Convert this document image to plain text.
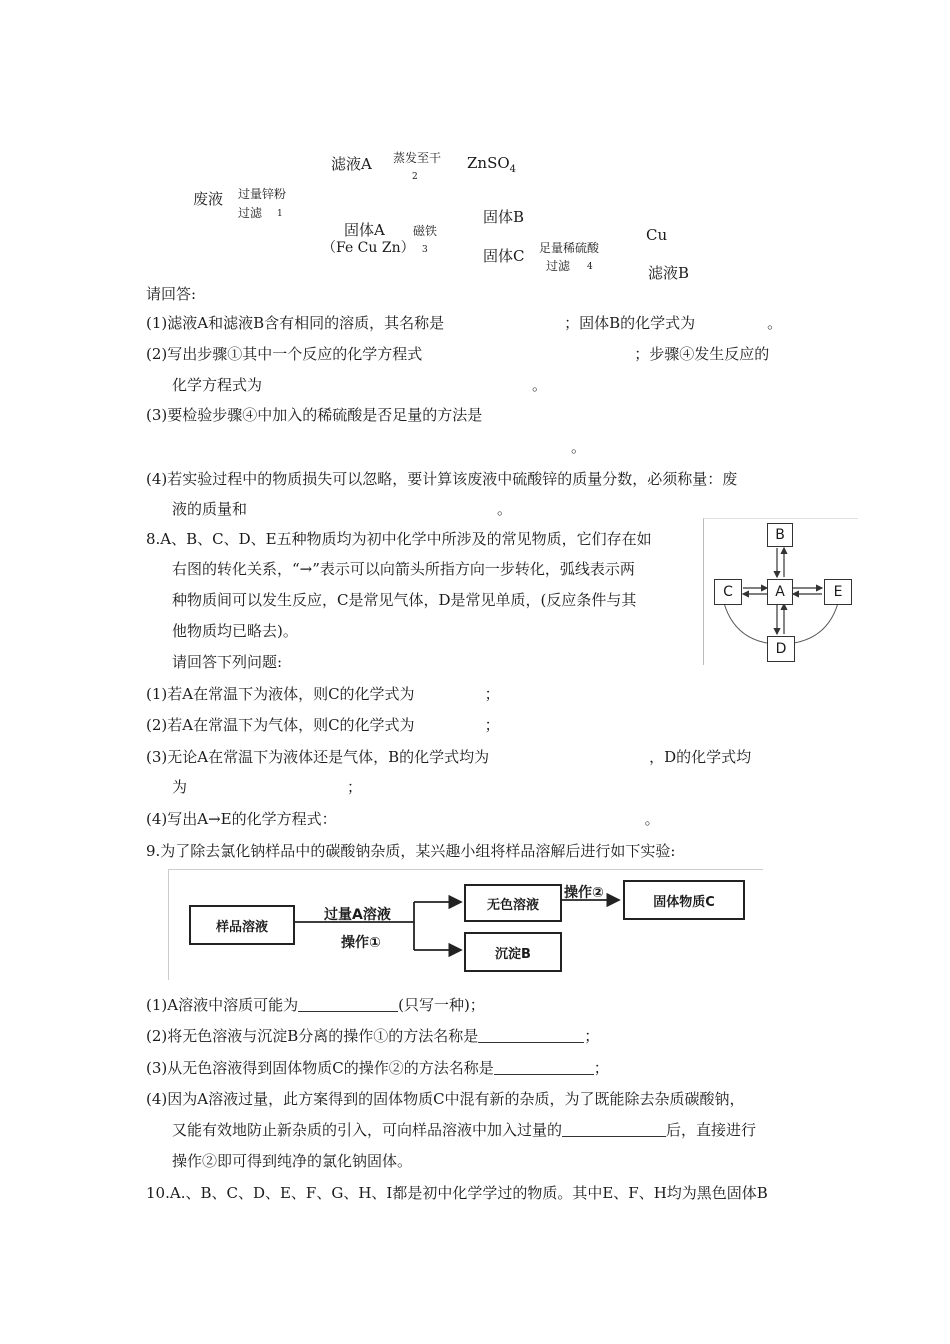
废液 过量锌粉
过滤 1
滤液A 蒸发至干
2
ZnSO$_4$
固体A
（Fe Cu Zn）
磁铁
3
固体B
固体C 足量稀硫酸
过滤 4
Cu
滤液B
请回答:
(1)滤液A和滤液B含有相同的溶质，其名称是	；固体B的化学式为	。
(2)写出步骤①其中一个反应的化学方程式	；步骤④发生反应的
化学方程式为	。
(3)要检验步骤④中加入的稀硫酸是否足量的方法是
。
(4)若实验过程中的物质损失可以忽略，要计算该废液中硫酸锌的质量分数，必须称量：废
液的质量和	。
8.A、B、C、D、E五种物质均为初中化学中所涉及的常见物质，它们存在如
右图的转化关系，“→”表示可以向箭头所指方向一步转化，弧线表示两
种物质间可以发生反应，C是常见气体，D是常见单质，(反应条件与其
他物质均已略去)。
请回答下列问题:
B
C	A	E
D
(1)若A在常温下为液体，则C的化学式为	；
(2)若A在常温下为气体，则C的化学式为	；
(3)无论A在常温下为液体还是气体，B的化学式均为	，D的化学式均
为	；
(4)写出A→E的化学方程式：	。
9.为了除去氯化钠样品中的碳酸钠杂质，某兴趣小组将样品溶解后进行如下实验:
样品溶液
过量A溶液
操作①
无色溶液
操作②
固体物质C
沉淀B
(1)A溶液中溶质可能为	(只写一种)；
(2)将无色溶液与沉淀B分离的操作①的方法名称是	；
(3)从无色溶液得到固体物质C的操作②的方法名称是	；
(4)因为A溶液过量，此方案得到的固体物质C中混有新的杂质，为了既能除去杂质碳酸钠，
又能有效地防止新杂质的引入，可向样品溶液中加入过量的	后，直接进行
操作②即可得到纯净的氯化钠固体。
10.A.、B、C、D、E、F、G、H、I都是初中化学学过的物质。其中E、F、H均为黑色固体B
